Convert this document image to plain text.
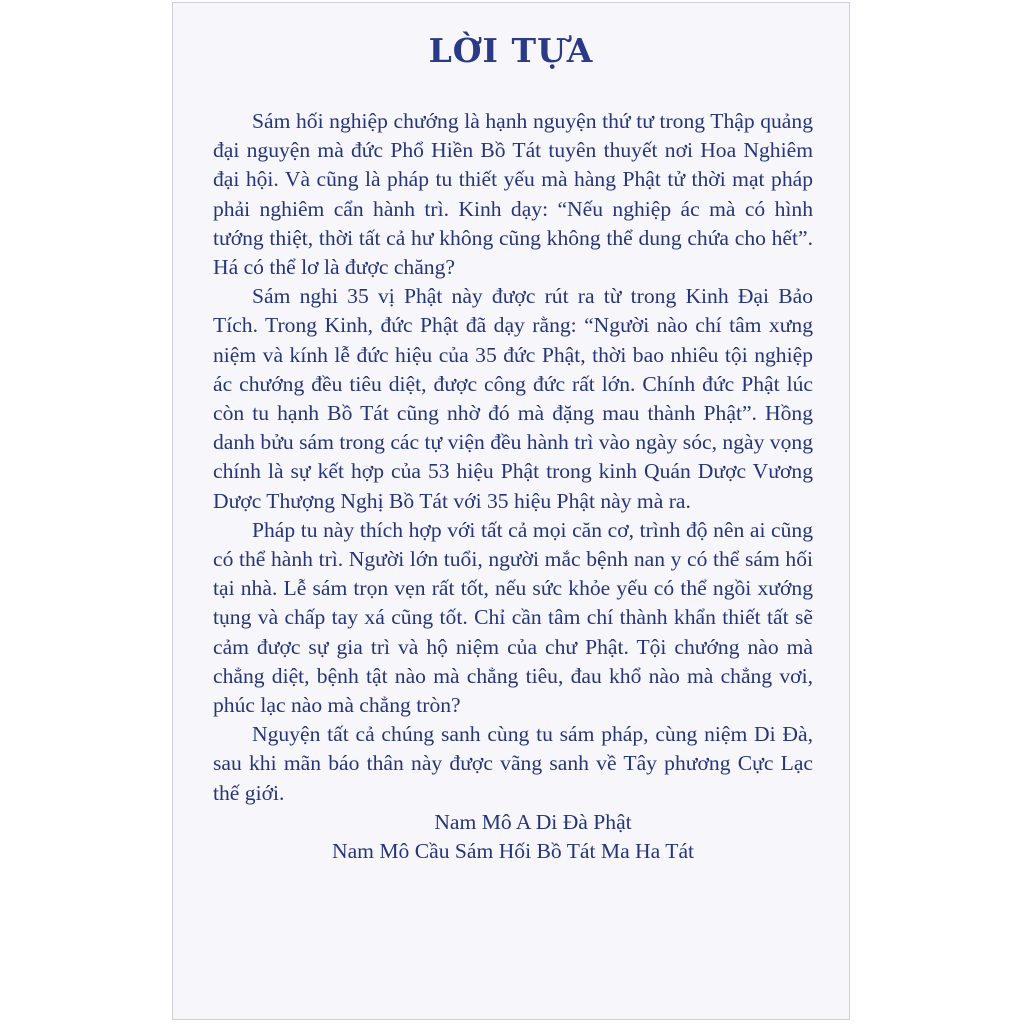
LỜI TỰA

Sám hối nghiệp chướng là hạnh nguyện thứ tư trong Thập quảng đại nguyện mà đức Phổ Hiền Bồ Tát tuyên thuyết nơi Hoa Nghiêm đại hội. Và cũng là pháp tu thiết yếu mà hàng Phật tử thời mạt pháp phải nghiêm cẩn hành trì. Kinh dạy: “Nếu nghiệp ác mà có hình tướng thiệt, thời tất cả hư không cũng không thể dung chứa cho hết”. Há có thể lơ là được chăng?

Sám nghi 35 vị Phật này được rút ra từ trong Kinh Đại Bảo Tích. Trong Kinh, đức Phật đã dạy rằng: “Người nào chí tâm xưng niệm và kính lễ đức hiệu của 35 đức Phật, thời bao nhiêu tội nghiệp ác chướng đều tiêu diệt, được công đức rất lớn. Chính đức Phật lúc còn tu hạnh Bồ Tát cũng nhờ đó mà đặng mau thành Phật”. Hồng danh bửu sám trong các tự viện đều hành trì vào ngày sóc, ngày vọng chính là sự kết hợp của 53 hiệu Phật trong kinh Quán Dược Vương Dược Thượng Nghị Bồ Tát với 35 hiệu Phật này mà ra.

Pháp tu này thích hợp với tất cả mọi căn cơ, trình độ nên ai cũng có thể hành trì. Người lớn tuổi, người mắc bệnh nan y có thể sám hối tại nhà. Lễ sám trọn vẹn rất tốt, nếu sức khỏe yếu có thể ngồi xướng tụng và chấp tay xá cũng tốt. Chỉ cần tâm chí thành khẩn thiết tất sẽ cảm được sự gia trì và hộ niệm của chư Phật. Tội chướng nào mà chẳng diệt, bệnh tật nào mà chẳng tiêu, đau khổ nào mà chẳng vơi, phúc lạc nào mà chẳng tròn?

Nguyện tất cả chúng sanh cùng tu sám pháp, cùng niệm Di Đà, sau khi mãn báo thân này được vãng sanh về Tây phương Cực Lạc thế giới.

Nam Mô A Di Đà Phật

Nam Mô Cầu Sám Hối Bồ Tát Ma Ha Tát
